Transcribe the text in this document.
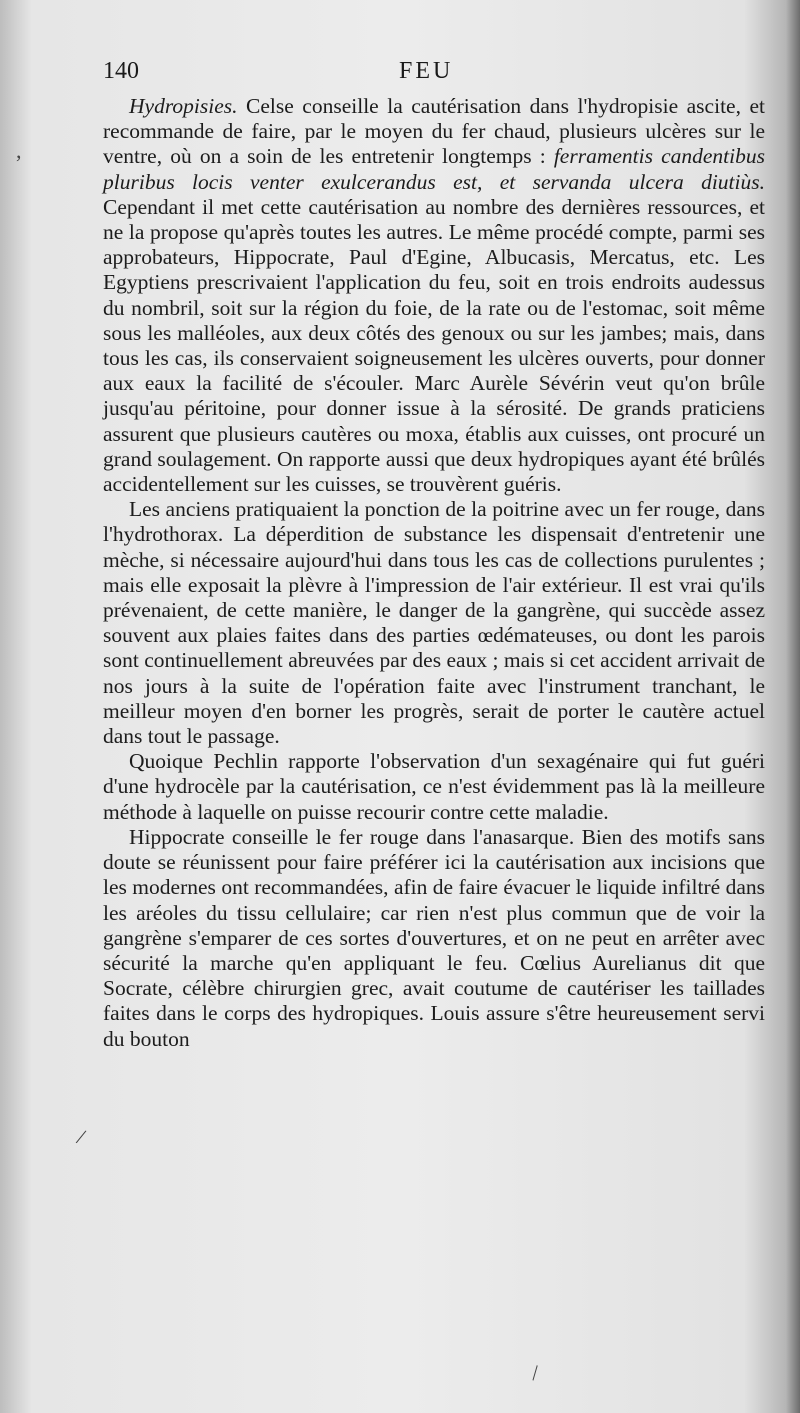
140	FEU

Hydropisies. Celse conseille la cautérisation dans l'hydropisie ascite, et recommande de faire, par le moyen du fer chaud, plusieurs ulcères sur le ventre, où on a soin de les entretenir longtemps : ferramentis candentibus pluribus locis venter exulcerandus est, et servanda ulcera diutiùs. Cependant il met cette cautérisation au nombre des dernières ressources, et ne la propose qu'après toutes les autres. Le même procédé compte, parmi ses approbateurs, Hippocrate, Paul d'Egine, Albucasis, Mercatus, etc. Les Egyptiens prescrivaient l'application du feu, soit en trois endroits audessus du nombril, soit sur la région du foie, de la rate ou de l'estomac, soit même sous les malléoles, aux deux côtés des genoux ou sur les jambes; mais, dans tous les cas, ils conservaient soigneusement les ulcères ouverts, pour donner aux eaux la facilité de s'écouler. Marc Aurèle Sévérin veut qu'on brûle jusqu'au péritoine, pour donner issue à la sérosité. De grands praticiens assurent que plusieurs cautères ou moxa, établis aux cuisses, ont procuré un grand soulagement. On rapporte aussi que deux hydropiques ayant été brûlés accidentellement sur les cuisses, se trouvèrent guéris.

Les anciens pratiquaient la ponction de la poitrine avec un fer rouge, dans l'hydrothorax. La déperdition de substance les dispensait d'entretenir une mèche, si nécessaire aujourd'hui dans tous les cas de collections purulentes ; mais elle exposait la plèvre à l'impression de l'air extérieur. Il est vrai qu'ils prévenaient, de cette manière, le danger de la gangrène, qui succède assez souvent aux plaies faites dans des parties œdémateuses, ou dont les parois sont continuellement abreuvées par des eaux ; mais si cet accident arrivait de nos jours à la suite de l'opération faite avec l'instrument tranchant, le meilleur moyen d'en borner les progrès, serait de porter le cautère actuel dans tout le passage.

Quoique Pechlin rapporte l'observation d'un sexagénaire qui fut guéri d'une hydrocèle par la cautérisation, ce n'est évidemment pas là la meilleure méthode à laquelle on puisse recourir contre cette maladie.

Hippocrate conseille le fer rouge dans l'anasarque. Bien des motifs sans doute se réunissent pour faire préférer ici la cautérisation aux incisions que les modernes ont recommandées, afin de faire évacuer le liquide infiltré dans les aréoles du tissu cellulaire; car rien n'est plus commun que de voir la gangrène s'emparer de ces sortes d'ouvertures, et on ne peut en arrêter avec sécurité la marche qu'en appliquant le feu. Cœlius Aurelianus dit que Socrate, célèbre chirurgien grec, avait coutume de cautériser les taillades faites dans le corps des hydropiques. Louis assure s'être heureusement servi du bouton

,
/
\
